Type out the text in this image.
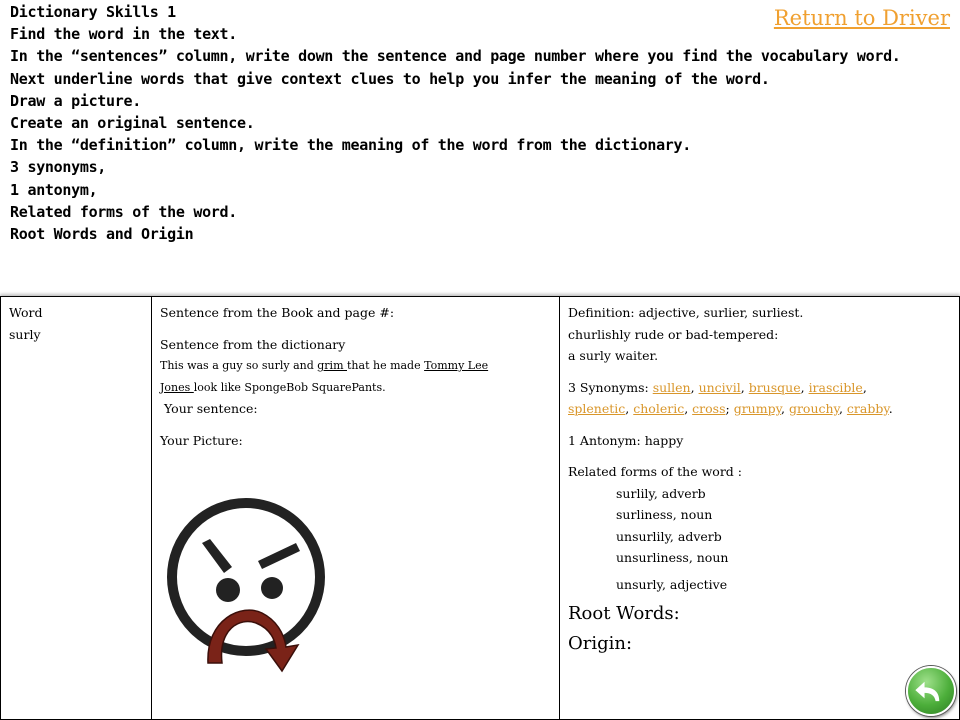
Dictionary Skills 1
Find the word in the text.
In the “sentences” column, write down the sentence and page number where you find the vocabulary word.
Next underline words that give context clues to help you infer the meaning of the word.
Draw a picture.
Create an original sentence.
In the “definition” column, write the meaning of the word from the dictionary.
3 synonyms,
1 antonym,
Related forms of the word.
Root Words and Origin
Return to Driver
Word
surly
Sentence from the Book and page #:
Sentence from the dictionary
This was a guy so surly and grim that he made Tommy Lee
Jones look like SpongeBob SquarePants.
Your sentence:
Your Picture:
Definition: adjective, surlier, surliest.
churlishly rude or bad-tempered:
a surly waiter.
3 Synonyms: sullen, uncivil, brusque, irascible,
splenetic, choleric, cross; grumpy, grouchy, crabby.
1 Antonym: happy
Related forms of the word :
surlily, adverb
surliness, noun
unsurlily, adverb
unsurliness, noun
unsurly, adjective
Root Words:
Origin:
